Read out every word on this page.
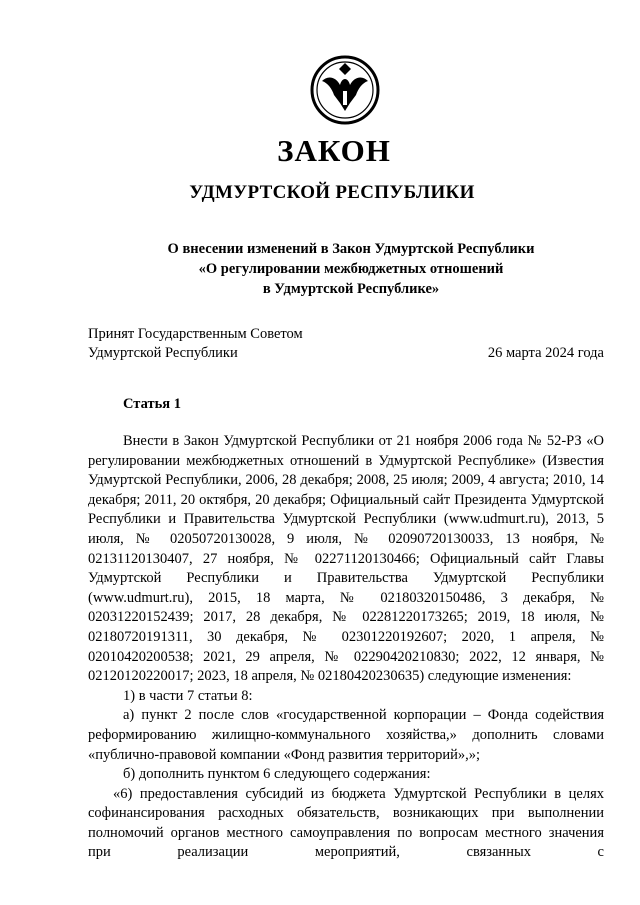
ЗАКОН
УДМУРТСКОЙ РЕСПУБЛИКИ
О внесении изменений в Закон Удмуртской Республики
«О регулировании межбюджетных отношений
в Удмуртской Республике»
Принят Государственным Советом
Удмуртской Республики	26 марта 2024 года
Статья 1

Внести в Закон Удмуртской Республики от 21 ноября 2006 года № 52-РЗ «О регулировании межбюджетных отношений в Удмуртской Республике» (Известия Удмуртской Республики, 2006, 28 декабря; 2008, 25 июля; 2009, 4 августа; 2010, 14 декабря; 2011, 20 октября, 20 декабря; Официальный сайт Президента Удмуртской Республики и Правительства Удмуртской Республики (www.udmurt.ru), 2013, 5 июля, № 02050720130028, 9 июля, № 02090720130033, 13 ноября, № 02131120130407, 27 ноября, № 02271120130466; Официальный сайт Главы Удмуртской Республики и Правительства Удмуртской Республики (www.udmurt.ru), 2015, 18 марта, № 02180320150486, 3 декабря, № 02031220152439; 2017, 28 декабря, № 02281220173265; 2019, 18 июля, № 02180720191311, 30 декабря, № 02301220192607; 2020, 1 апреля, № 02010420200538; 2021, 29 апреля, № 02290420210830; 2022, 12 января, № 02120120220017; 2023, 18 апреля, № 02180420230635) следующие изменения:

1) в части 7 статьи 8:

а) пункт 2 после слов «государственной корпорации – Фонда содействия реформированию жилищно-коммунального хозяйства,» дополнить словами «публично-правовой компании «Фонд развития территорий»,»;

б) дополнить пунктом 6 следующего содержания:

«6) предоставления субсидий из бюджета Удмуртской Республики в целях софинансирования расходных обязательств, возникающих при выполнении полномочий органов местного самоуправления по вопросам местного значения при реализации мероприятий, связанных с
